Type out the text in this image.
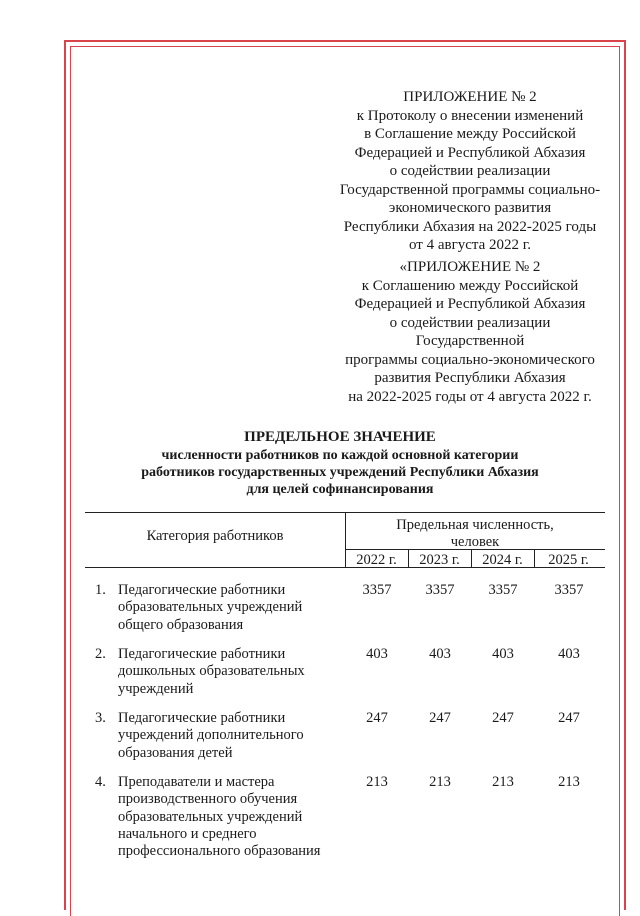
ПРИЛОЖЕНИЕ № 2
к Протоколу о внесении изменений
в Соглашение между Российской
Федерацией и Республикой Абхазия
о содействии реализации
Государственной программы социально-
экономического развития
Республики Абхазия на 2022-2025 годы
от 4 августа 2022 г.
«ПРИЛОЖЕНИЕ № 2
к Соглашению между Российской
Федерацией и Республикой Абхазия
о содействии реализации
Государственной
программы социально-экономического
развития Республики Абхазия
на 2022-2025 годы от 4 августа 2022 г.
ПРЕДЕЛЬНОЕ ЗНАЧЕНИЕ
численности работников по каждой основной категории
работников государственных учреждений Республики Абхазия
для целей софинансирования
Категория работников
Предельная численность,
человек
2022 г.	2023 г.	2024 г.	2025 г.
1. Педагогические работники
образовательных учреждений
общего образования
3357	3357	3357	3357
2. Педагогические работники
дошкольных образовательных
учреждений
403	403	403	403
3. Педагогические работники
учреждений дополнительного
образования детей
247	247	247	247
4. Преподаватели и мастера
производственного обучения
образовательных учреждений
начального и среднего
профессионального образования
213	213	213	213
